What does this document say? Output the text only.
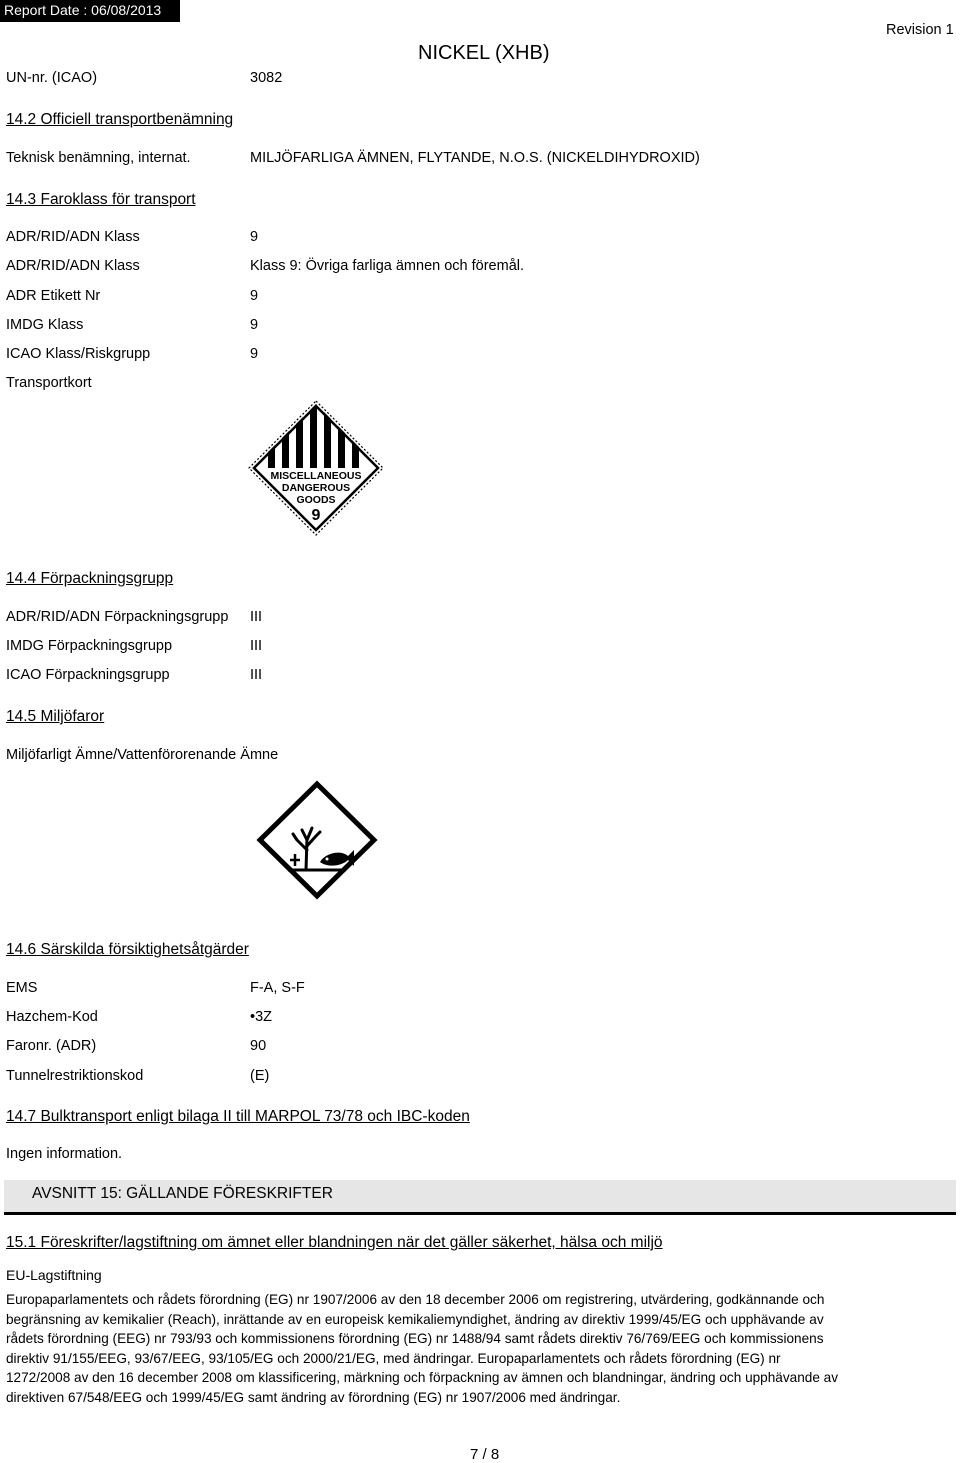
Report Date : 06/08/2013
NICKEL (XHB)
Revision 1
UN-nr. (ICAO)	3082
14.2 Officiell transportbenämning
Teknisk benämning, internat.	MILJÖFARLIGA ÄMNEN, FLYTANDE, N.O.S. (NICKELDIHYDROXID)
14.3 Faroklass för transport
ADR/RID/ADN Klass	9
ADR/RID/ADN Klass	Klass 9: Övriga farliga ämnen och föremål.
ADR Etikett Nr	9
IMDG Klass	9
ICAO Klass/Riskgrupp	9
Transportkort
MISCELLANEOUS
DANGEROUS
GOODS
9
14.4 Förpackningsgrupp
ADR/RID/ADN Förpackningsgrupp III
IMDG Förpackningsgrupp	III
ICAO Förpackningsgrupp	III
14.5 Miljöfaror
Miljöfarligt Ämne/Vattenförorenande Ämne
14.6 Särskilda försiktighetsåtgärder
EMS	F-A, S-F
Hazchem-Kod	•3Z
Faronr. (ADR)	90
Tunnelrestriktionskod	(E)
14.7 Bulktransport enligt bilaga II till MARPOL 73/78 och IBC-koden
Ingen information.
AVSNITT 15: GÄLLANDE FÖRESKRIFTER
15.1 Föreskrifter/lagstiftning om ämnet eller blandningen när det gäller säkerhet, hälsa och miljö
EU-Lagstiftning
Europaparlamentets och rådets förordning (EG) nr 1907/2006 av den 18 december 2006 om registrering, utvärdering, godkännande och
begränsning av kemikalier (Reach), inrättande av en europeisk kemikaliemyndighet, ändring av direktiv 1999/45/EG och upphävande av
rådets förordning (EEG) nr 793/93 och kommissionens förordning (EG) nr 1488/94 samt rådets direktiv 76/769/EEG och kommissionens
direktiv 91/155/EEG, 93/67/EEG, 93/105/EG och 2000/21/EG, med ändringar. Europaparlamentets och rådets förordning (EG) nr
1272/2008 av den 16 december 2008 om klassificering, märkning och förpackning av ämnen och blandningar, ändring och upphävande av
direktiven 67/548/EEG och 1999/45/EG samt ändring av förordning (EG) nr 1907/2006 med ändringar.
7 / 8
